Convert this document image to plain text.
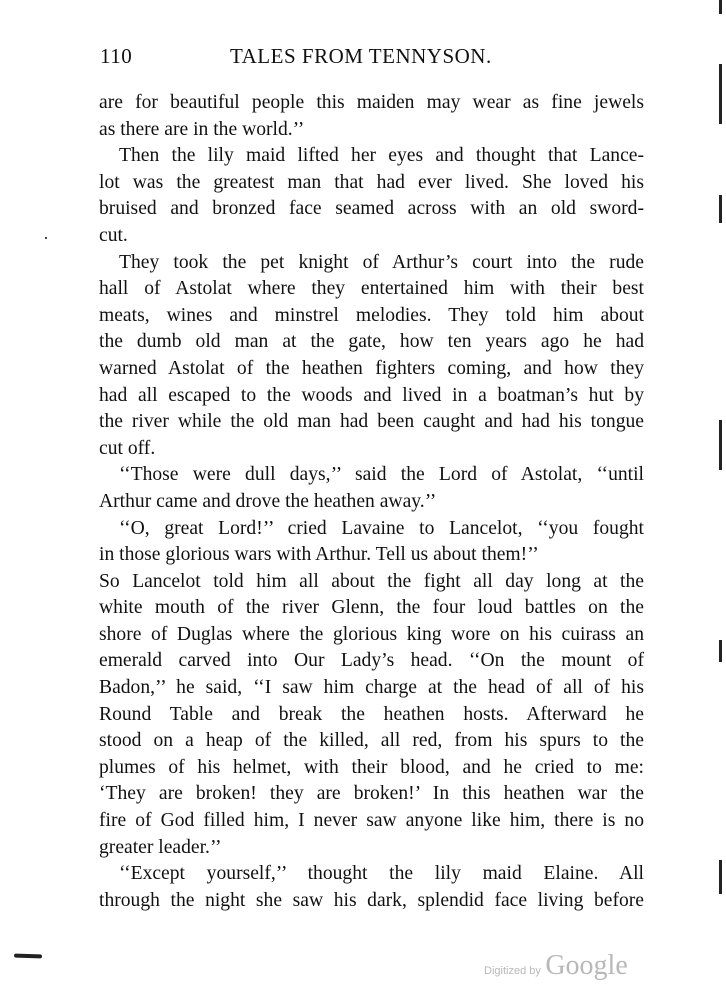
110	TALES FROM TENNYSON.
are for beautiful people this maiden may wear as fine jewels
as there are in the world.’’
Then the lily maid lifted her eyes and thought that Lance-
lot was the greatest man that had ever lived. She loved his
bruised and bronzed face seamed across with an old sword-
cut.
They took the pet knight of Arthur’s court into the rude
hall of Astolat where they entertained him with their best
meats, wines and minstrel melodies. They told him about
the dumb old man at the gate, how ten years ago he had
warned Astolat of the heathen fighters coming, and how they
had all escaped to the woods and lived in a boatman’s hut by
the river while the old man had been caught and had his tongue
cut off.
‘‘Those were dull days,’’ said the Lord of Astolat, ‘‘until
Arthur came and drove the heathen away.’’
‘‘O, great Lord!’’ cried Lavaine to Lancelot, ‘‘you fought
in those glorious wars with Arthur. Tell us about them!’’
So Lancelot told him all about the fight all day long at the
white mouth of the river Glenn, the four loud battles on the
shore of Duglas where the glorious king wore on his cuirass an
emerald carved into Our Lady’s head. ‘‘On the mount of
Badon,’’ he said, ‘‘I saw him charge at the head of all of his
Round Table and break the heathen hosts. Afterward he
stood on a heap of the killed, all red, from his spurs to the
plumes of his helmet, with their blood, and he cried to me:
‘They are broken! they are broken!’ In this heathen war the
fire of God filled him, I never saw anyone like him, there is no
greater leader.’’
‘‘Except yourself,’’ thought the lily maid Elaine. All
through the night she saw his dark, splendid face living before
Digitized by Google
